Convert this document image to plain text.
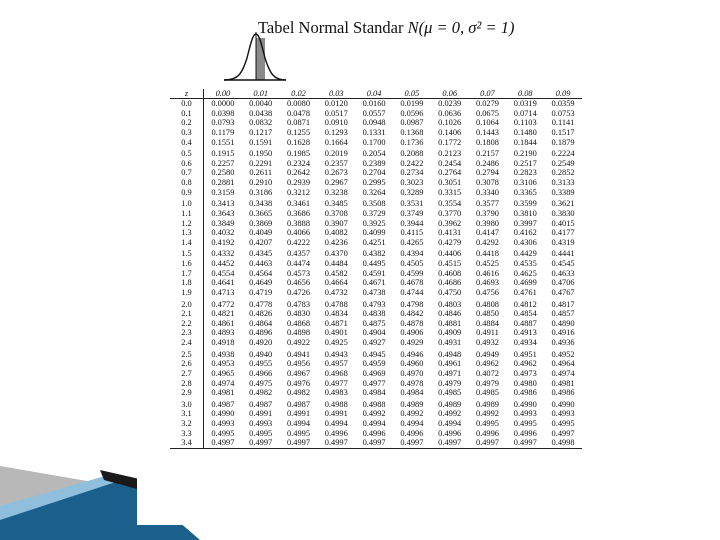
Tabel Normal Standar N(μ = 0, σ² = 1)
z	0.00	0.01	0.02	0.03	0.04	0.05	0.06	0.07	0.08	0.09
0.0	0.0000	0.0040	0.0080	0.0120	0.0160	0.0199	0.0239	0.0279	0.0319	0.0359
0.1	0.0398	0.0438	0.0478	0.0517	0.0557	0.0596	0.0636	0.0675	0.0714	0.0753
0.2	0.0793	0.0832	0.0871	0.0910	0.0948	0.0987	0.1026	0.1064	0.1103	0.1141
0.3	0.1179	0.1217	0.1255	0.1293	0.1331	0.1368	0.1406	0.1443	0.1480	0.1517
0.4	0.1551	0.1591	0.1628	0.1664	0.1700	0.1736	0.1772	0.1808	0.1844	0.1879
0.5	0.1915	0.1950	0.1985	0.2019	0.2054	0.2088	0.2123	0.2157	0.2190	0.2224
0.6	0.2257	0.2291	0.2324	0.2357	0.2389	0.2422	0.2454	0.2486	0.2517	0.2549
0.7	0.2580	0.2611	0.2642	0.2673	0.2704	0.2734	0.2764	0.2794	0.2823	0.2852
0.8	0.2881	0.2910	0.2939	0.2967	0.2995	0.3023	0.3051	0.3078	0.3106	0.3133
0.9	0.3159	0.3186	0.3212	0.3238	0.3264	0.3289	0.3315	0.3340	0.3365	0.3389
1.0	0.3413	0.3438	0.3461	0.3485	0.3508	0.3531	0.3554	0.3577	0.3599	0.3621
1.1	0.3643	0.3665	0.3686	0.3708	0.3729	0.3749	0.3770	0.3790	0.3810	0.3830
1.2	0.3849	0.3869	0.3888	0.3907	0.3925	0.3944	0.3962	0.3980	0.3997	0.4015
1.3	0.4032	0.4049	0.4066	0.4082	0.4099	0.4115	0.4131	0.4147	0.4162	0.4177
1.4	0.4192	0.4207	0.4222	0.4236	0.4251	0.4265	0.4279	0.4292	0.4306	0.4319
1.5	0.4332	0.4345	0.4357	0.4370	0.4382	0.4394	0.4406	0.4418	0.4429	0.4441
1.6	0.4452	0.4463	0.4474	0.4484	0.4495	0.4505	0.4515	0.4525	0.4535	0.4545
1.7	0.4554	0.4564	0.4573	0.4582	0.4591	0.4599	0.4608	0.4616	0.4625	0.4633
1.8	0.4641	0.4649	0.4656	0.4664	0.4671	0.4678	0.4686	0.4693	0.4699	0.4706
1.9	0.4713	0.4719	0.4726	0.4732	0.4738	0.4744	0.4750	0.4756	0.4761	0.4767
2.0	0.4772	0.4778	0.4783	0.4788	0.4793	0.4798	0.4803	0.4808	0.4812	0.4817
2.1	0.4821	0.4826	0.4830	0.4834	0.4838	0.4842	0.4846	0.4850	0.4854	0.4857
2.2	0.4861	0.4864	0.4868	0.4871	0.4875	0.4878	0.4881	0.4884	0.4887	0.4890
2.3	0.4893	0.4896	0.4898	0.4901	0.4904	0.4906	0.4909	0.4911	0.4913	0.4916
2.4	0.4918	0.4920	0.4922	0.4925	0.4927	0.4929	0.4931	0.4932	0.4934	0.4936
2.5	0.4938	0.4940	0.4941	0.4943	0.4945	0.4946	0.4948	0.4949	0.4951	0.4952
2.6	0.4953	0.4955	0.4956	0.4957	0.4959	0.4960	0.4961	0.4962	0.4962	0.4964
2.7	0.4965	0.4966	0.4967	0.4968	0.4969	0.4970	0.4971	0.4072	0.4973	0.4974
2.8	0.4974	0.4975	0.4976	0.4977	0.4977	0.4978	0.4979	0.4979	0.4980	0.4981
2.9	0.4981	0.4982	0.4982	0.4983	0.4984	0.4984	0.4985	0.4985	0.4986	0.4986
3.0	0.4987	0.4987	0.4987	0.4988	0.4988	0.4989	0.4989	0.4989	0.4990	0.4990
3.1	0.4990	0.4991	0.4991	0.4991	0.4992	0.4992	0.4992	0.4992	0.4993	0.4993
3.2	0.4993	0.4993	0.4994	0.4994	0.4994	0.4994	0.4994	0.4995	0.4995	0.4995
3.3	0.4995	0.4995	0.4995	0.4996	0.4996	0.4996	0.4996	0.4996	0.4996	0.4997
3.4	0.4997	0.4997	0.4997	0.4997	0.4997	0.4997	0.4997	0.4997	0.4997	0.4998
